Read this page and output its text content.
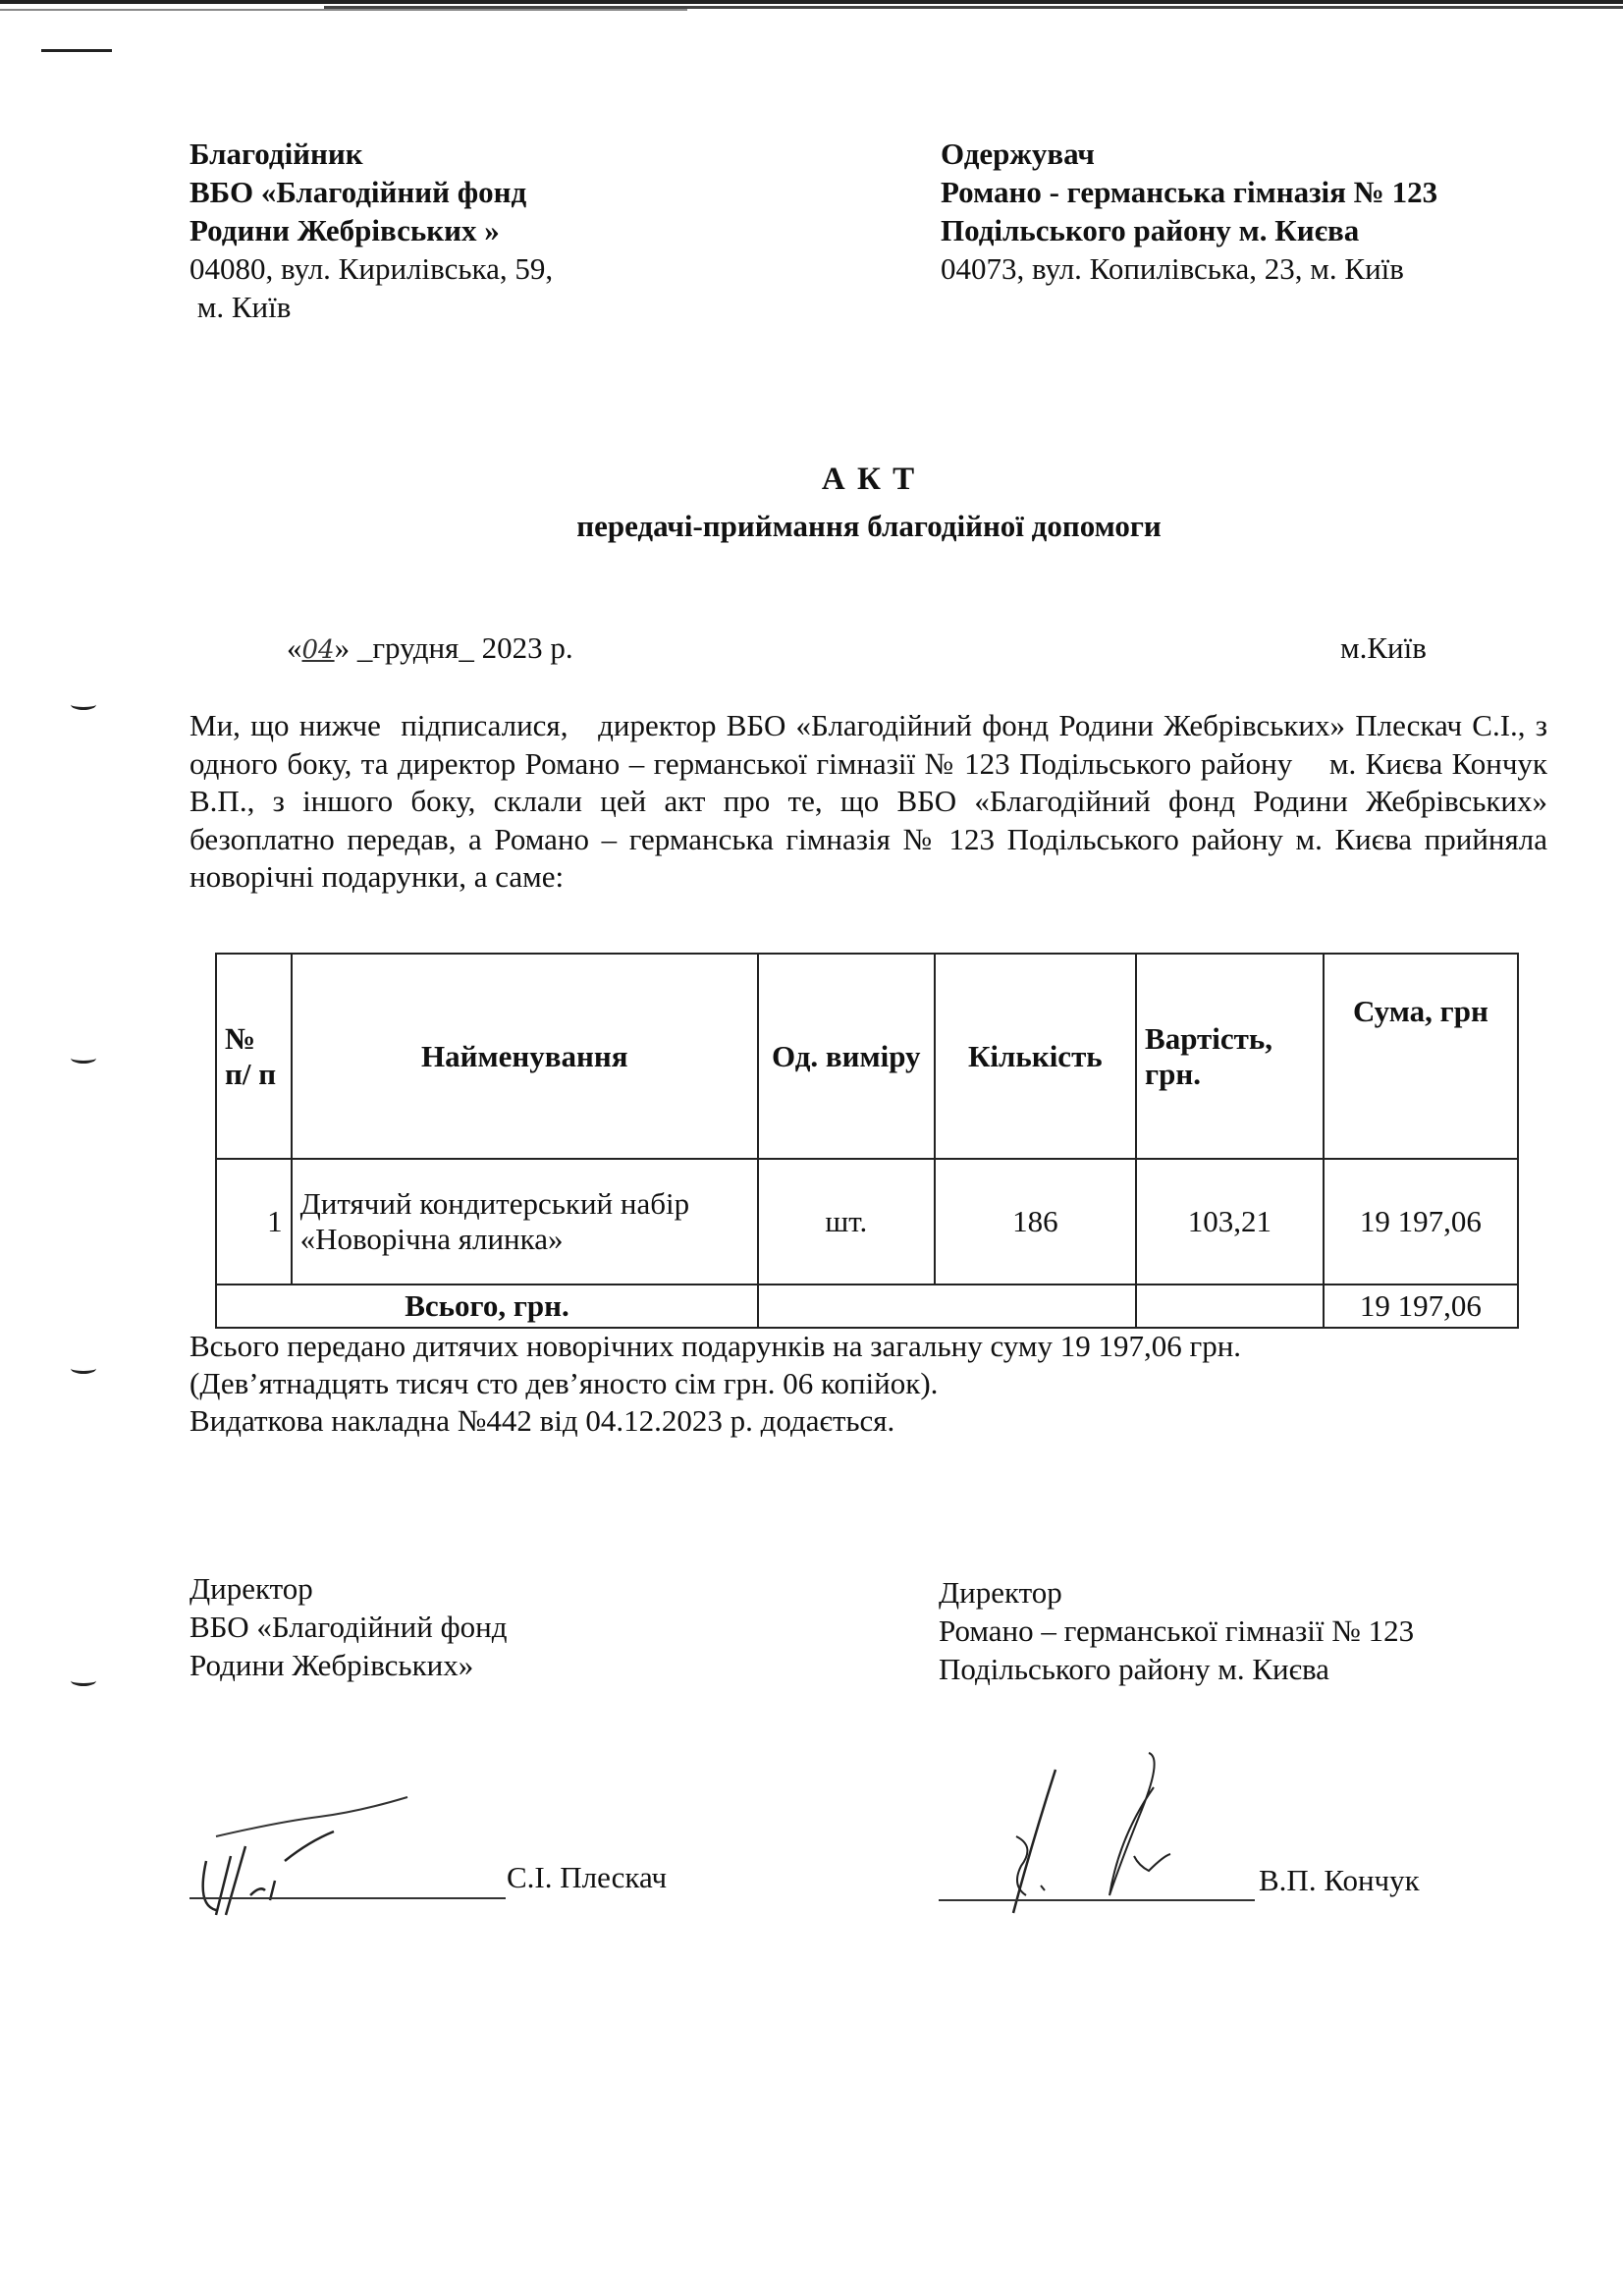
Благодійник
ВБО «Благодійний фонд
Родини Жебрівських »
04080, вул. Кирилівська, 59,
м. Київ
Одержувач
Романо - германська гімназія № 123
Подільського району м. Києва
04073, вул. Копилівська, 23, м. Київ
А К Т
передачі-приймання благодійної допомоги
«04» _грудня_ 2023 р.	м.Київ
Ми, що нижче  підписалися,   директор ВБО «Благодійний фонд Родини Жебрівських» Плескач С.І., з одного боку, та директор Романо – германської гімназії № 123 Подільського району    м. Києва Кончук В.П., з іншого боку, склали цей акт про те, що ВБО «Благодійний фонд Родини Жебрівських» безоплатно передав, а Романо – германська гімназія № 123 Подільського району м. Києва прийняла новорічні подарунки, а саме:
№ п/ п	Найменування	Од. виміру	Кількість	Вартість, грн.	Сума, грн
1	Дитячий кондитерський набір «Новорічна ялинка»	шт.	186	103,21	19 197,06
Всього, грн.					19 197,06
Всього передано дитячих новорічних подарунків на загальну суму 19 197,06 грн.
(Дев’ятнадцять тисяч сто дев’яносто сім грн. 06 копійок).
Видаткова накладна №442 від 04.12.2023 р. додається.
Директор
ВБО «Благодійний фонд
Родини Жебрівських»
Директор
Романо – германської гімназії № 123
Подільського району м. Києва
С.І. Плескач	В.П. Кончук
